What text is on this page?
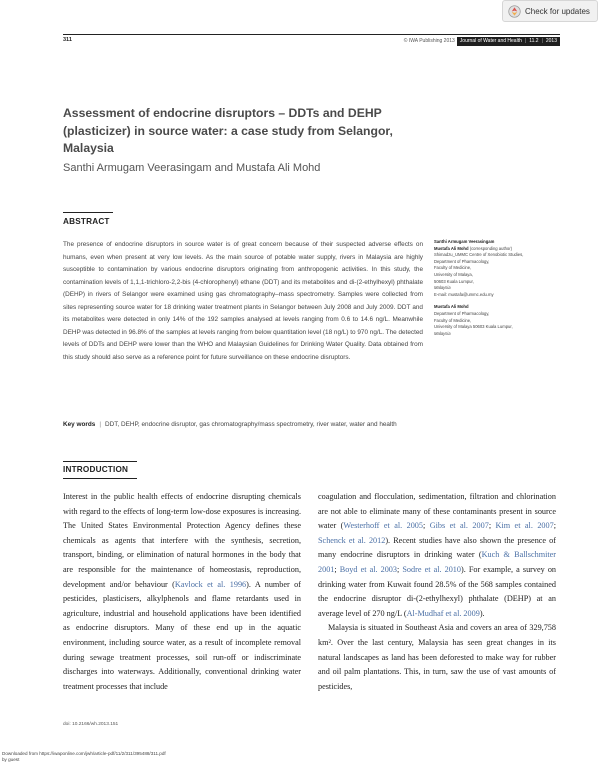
Check for updates
311	© IWA Publishing 2013	Journal of Water and Health | 11.2 | 2013
Assessment of endocrine disruptors – DDTs and DEHP (plasticizer) in source water: a case study from Selangor, Malaysia
Santhi Armugam Veerasingam and Mustafa Ali Mohd
ABSTRACT

The presence of endocrine disruptors in source water is of great concern because of their suspected adverse effects on humans, even when present at very low levels. As the main source of potable water supply, rivers in Malaysia are highly susceptible to contamination by various endocrine disruptors originating from anthropogenic activities. In this study, the contamination levels of 1,1,1-trichloro-2,2-bis (4-chlorophenyl) ethane (DDT) and its metabolites and di-(2-ethylhexyl) phthalate (DEHP) in rivers of Selangor were examined using gas chromatography–mass spectrometry. Samples were collected from sites representing source water for 18 drinking water treatment plants in Selangor between July 2008 and July 2009. DDT and its metabolites were detected in only 14% of the 192 samples analysed at levels ranging from 0.6 to 14.6 ng/L. Meanwhile DEHP was detected in 96.8% of the samples at levels ranging from below quantitation level (18 ng/L) to 970 ng/L. The detected levels of DDTs and DEHP were lower than the WHO and Malaysian Guidelines for Drinking Water Quality. Data obtained from this study should also serve as a reference point for future surveillance on these endocrine disruptors.

Key words | DDT, DEHP, endocrine disruptor, gas chromatography/mass spectrometry, river water, water and health
Santhi Armugam Veerasingam
Mustafa Ali Mohd (corresponding author)
Shimadzu_UMMC Centre of Xenobiotic Studies,
Department of Pharmacology,
Faculty of Medicine,
University of Malaya,
50603 Kuala Lumpur,
Malaysia
E-mail: mustafa@ummc.edu.my
Mustafa Ali Mohd
Department of Pharmacology,
Faculty of Medicine,
University of Malaya 50603 Kuala Lumpur,
Malaysia
INTRODUCTION

Interest in the public health effects of endocrine disrupting chemicals with regard to the effects of long-term low-dose exposures is increasing. The United States Environmental Protection Agency defines these chemicals as agents that interfere with the synthesis, secretion, transport, binding, or elimination of natural hormones in the body that are responsible for the maintenance of homeostasis, reproduction, development and/or behaviour (Kavlock et al. 1996). A number of pesticides, plasticisers, alkylphenols and flame retardants used in agriculture, industrial and household applications have been identified as endocrine disruptors. Many of these end up in the aquatic environment, including source water, as a result of incomplete removal during sewage treatment processes, soil run-off or indiscriminate discharges into waterways. Additionally, conventional drinking water treatment processes that include

coagulation and flocculation, sedimentation, filtration and chlorination are not able to eliminate many of these contaminants present in source water (Westerhoff et al. 2005; Gibs et al. 2007; Kim et al. 2007; Schenck et al. 2012). Recent studies have also shown the presence of many endocrine disruptors in drinking water (Kuch & Ballschmiter 2001; Boyd et al. 2003; Sodre et al. 2010). For example, a survey on drinking water from Kuwait found 28.5% of the 568 samples contained the endocrine disruptor di-(2-ethylhexyl) phthalate (DEHP) at an average level of 270 ng/L (Al-Mudhaf et al. 2009).

Malaysia is situated in Southeast Asia and covers an area of 329,758 km². Over the last century, Malaysia has seen great changes in its natural landscapes as land has been deforested to make way for rubber and oil palm plantations. This, in turn, saw the use of vast amounts of pesticides,

doi: 10.2166/wh.2013.151
Downloaded from https://iwaponline.com/jwh/article-pdf/11/2/311/395488/311.pdf
by guest
